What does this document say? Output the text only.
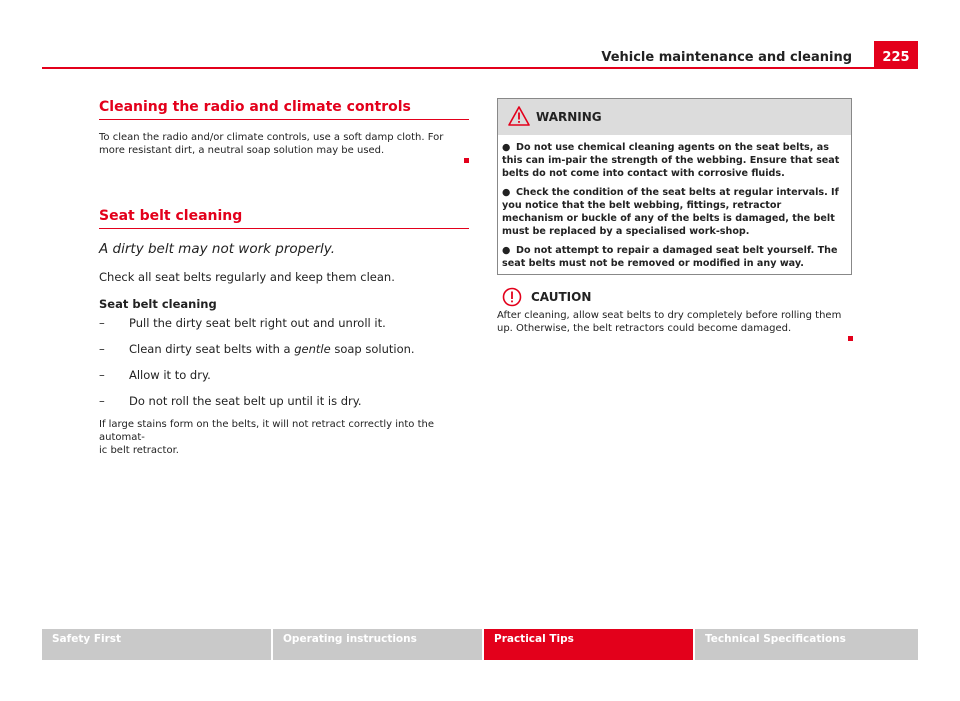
Vehicle maintenance and cleaning	225
Cleaning the radio and climate controls

To clean the radio and/or climate controls, use a soft damp cloth. For more resistant dirt, a neutral soap solution may be used.

Seat belt cleaning

A dirty belt may not work properly.

Check all seat belts regularly and keep them clean.

Seat belt cleaning

– Pull the dirty seat belt right out and unroll it.
– Clean dirty seat belts with a gentle soap solution.
– Allow it to dry.
– Do not roll the seat belt up until it is dry.

If large stains form on the belts, it will not retract correctly into the automat-
ic belt retractor.

WARNING

● Do not use chemical cleaning agents on the seat belts, as this can im-pair the strength of the webbing. Ensure that seat belts do not come into contact with corrosive fluids.

● Check the condition of the seat belts at regular intervals. If you notice that the belt webbing, fittings, retractor mechanism or buckle of any of the belts is damaged, the belt must be replaced by a specialised work-shop.

● Do not attempt to repair a damaged seat belt yourself. The seat belts must not be removed or modified in any way.

CAUTION

After cleaning, allow seat belts to dry completely before rolling them up. Otherwise, the belt retractors could become damaged.

Safety First	Operating instructions	Practical Tips	Technical Specifications
